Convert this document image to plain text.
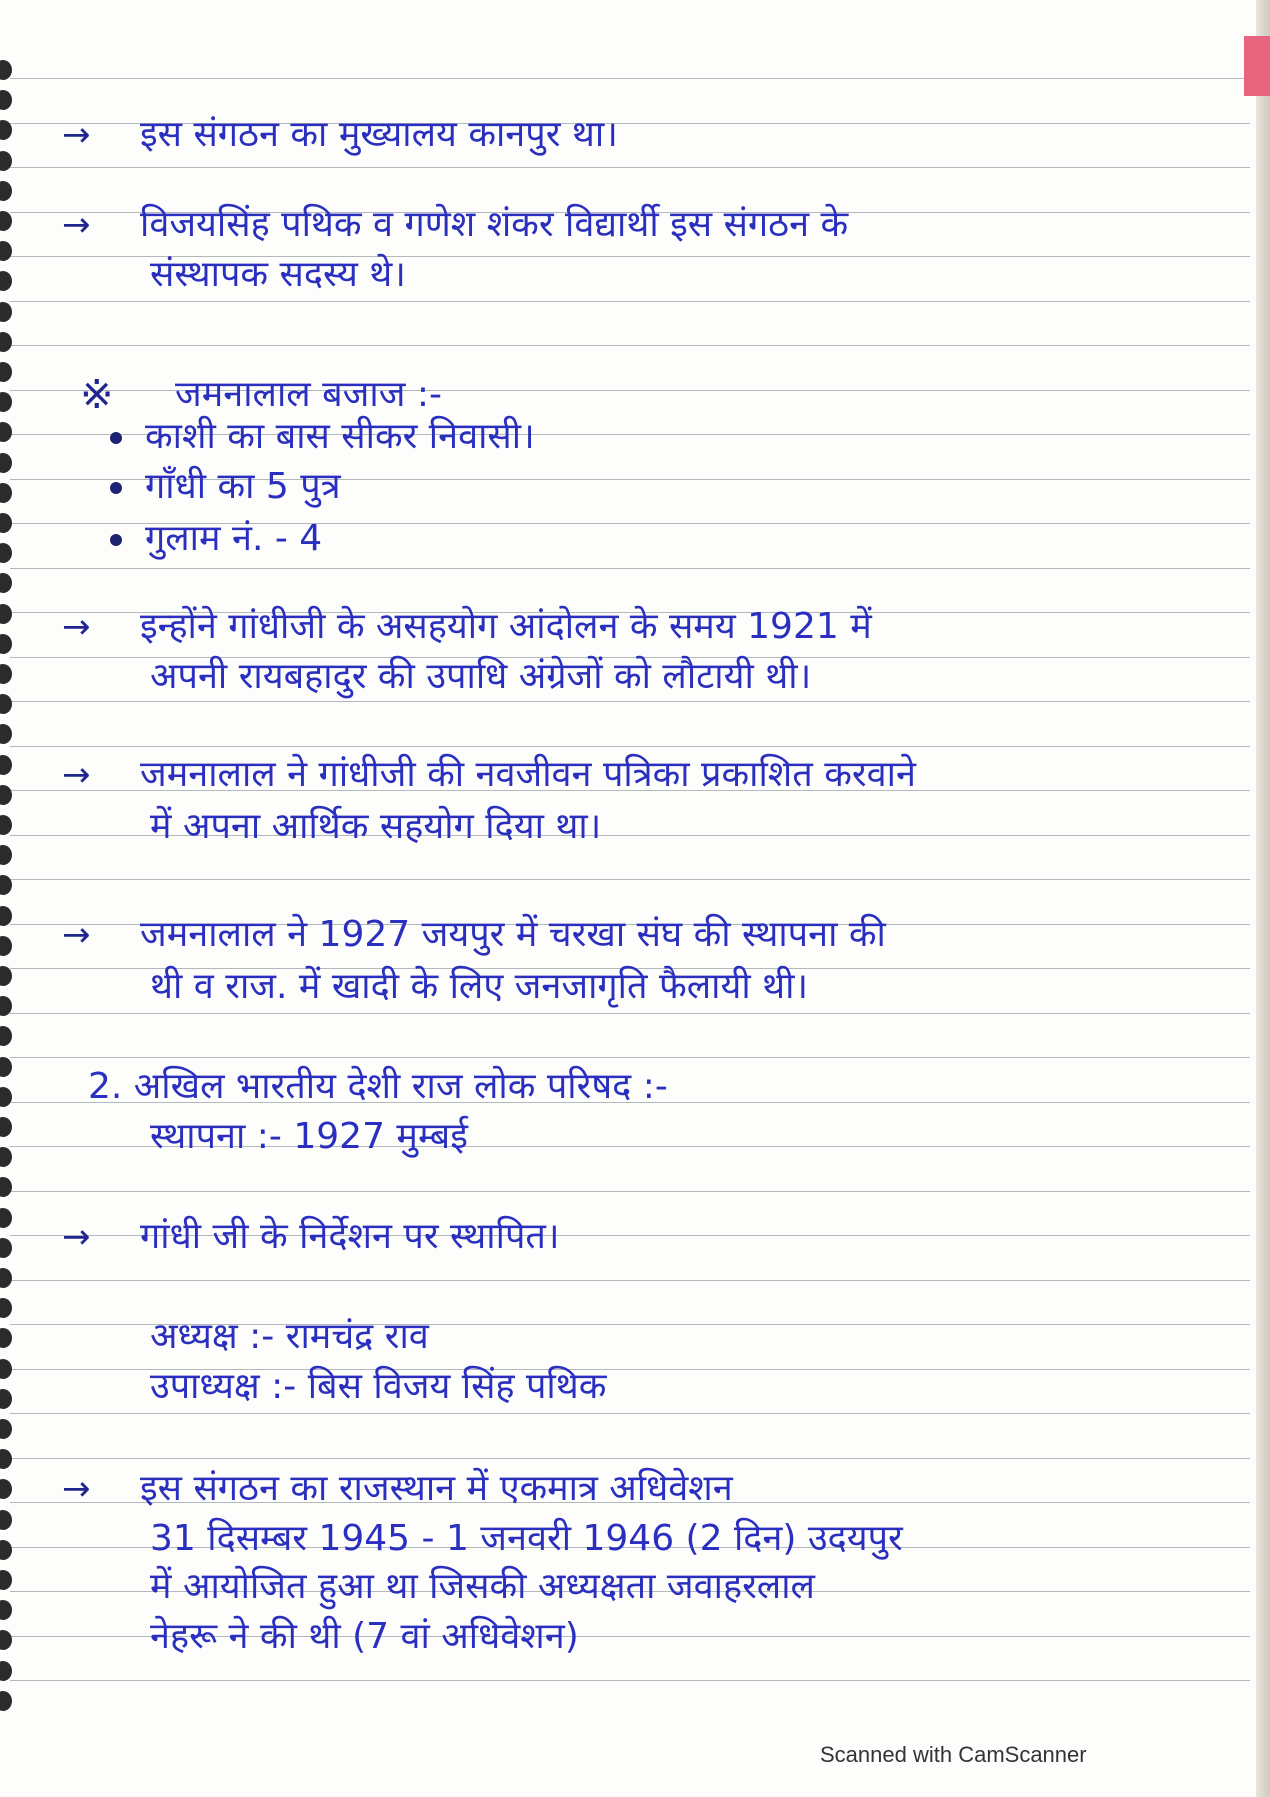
→ इस संगठन का मुख्यालय कानपुर था।
→ विजयसिंह पथिक व गणेश शंकर विद्यार्थी इस संगठन के
संस्थापक सदस्य थे।
※ जमनालाल बजाज :-
काशी का बास सीकर निवासी।
गाँधी का 5 पुत्र
गुलाम नं. - 4
→ इन्होंने गांधीजी के असहयोग आंदोलन के समय 1921 में
अपनी रायबहादुर की उपाधि अंग्रेजों को लौटायी थी।
→ जमनालाल ने गांधीजी की नवजीवन पत्रिका प्रकाशित करवाने
में अपना आर्थिक सहयोग दिया था।
→ जमनालाल ने 1927 जयपुर में चरखा संघ की स्थापना की
थी व राज. में खादी के लिए जनजागृति फैलायी थी।
2. अखिल भारतीय देशी राज लोक परिषद :-
स्थापना :- 1927 मुम्बई
→ गांधी जी के निर्देशन पर स्थापित।
अध्यक्ष :- रामचंद्र राव
उपाध्यक्ष :- बिस विजय सिंह पथिक
→ इस संगठन का राजस्थान में एकमात्र अधिवेशन
31 दिसम्बर 1945 - 1 जनवरी 1946 (2 दिन) उदयपुर
में आयोजित हुआ था जिसकी अध्यक्षता जवाहरलाल
नेहरू ने की थी (7 वां अधिवेशन)
Scanned with CamScanner
